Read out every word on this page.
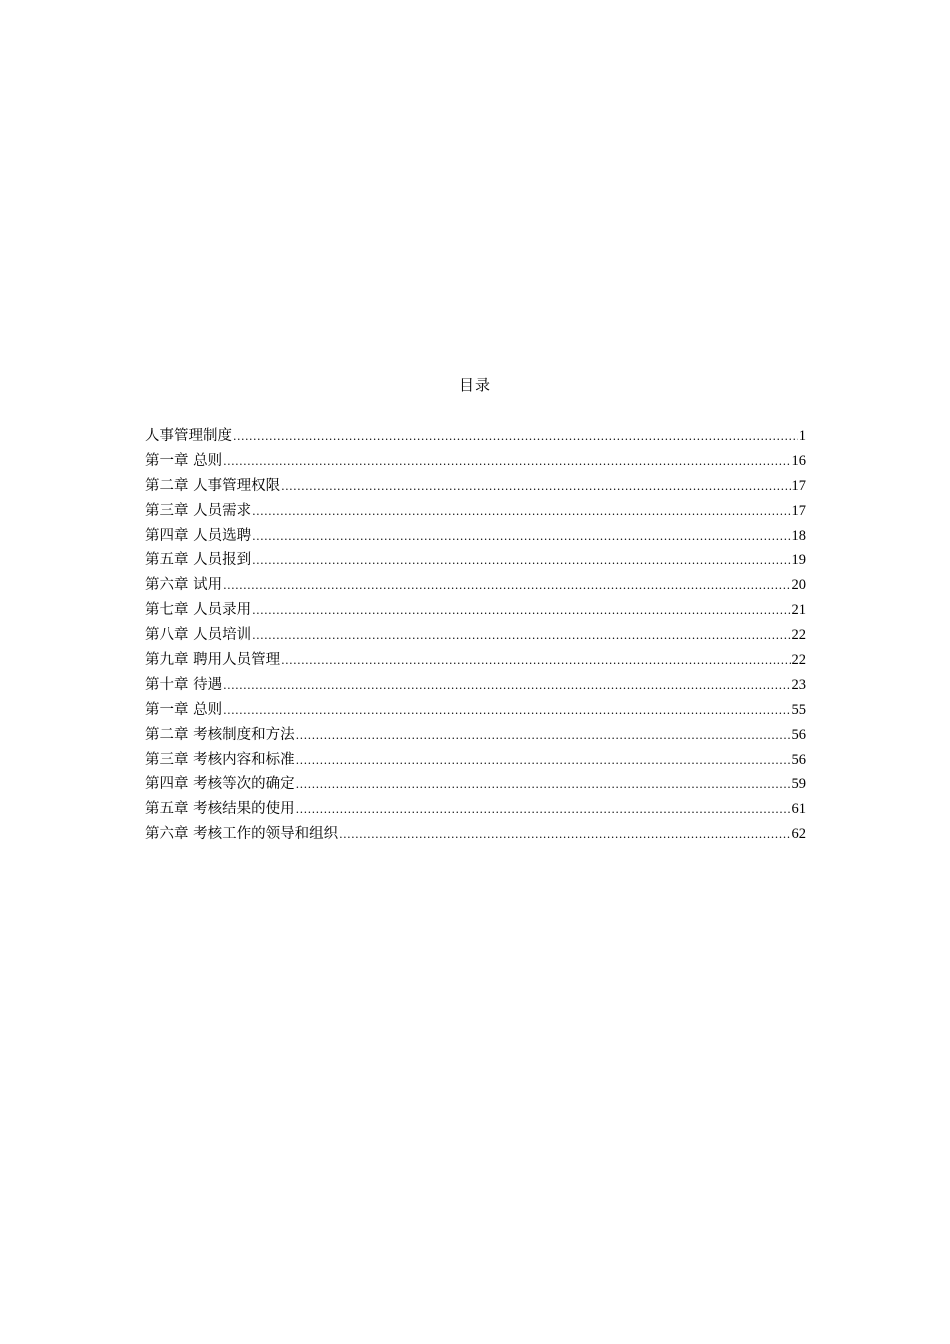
目录
人事管理制度 .....	1
第一章 总则 .....	16
第二章 人事管理权限 .....	17
第三章 人员需求 .....	17
第四章 人员选聘 .....	18
第五章 人员报到 .....	19
第六章 试用 .....	20
第七章 人员录用 .....	21
第八章 人员培训 .....	22
第九章 聘用人员管理 .....	22
第十章 待遇 .....	23
第一章 总则 .....	55
第二章 考核制度和方法 .....	56
第三章 考核内容和标准 .....	56
第四章 考核等次的确定 .....	59
第五章 考核结果的使用 .....	61
第六章 考核工作的领导和组织 .....	62
